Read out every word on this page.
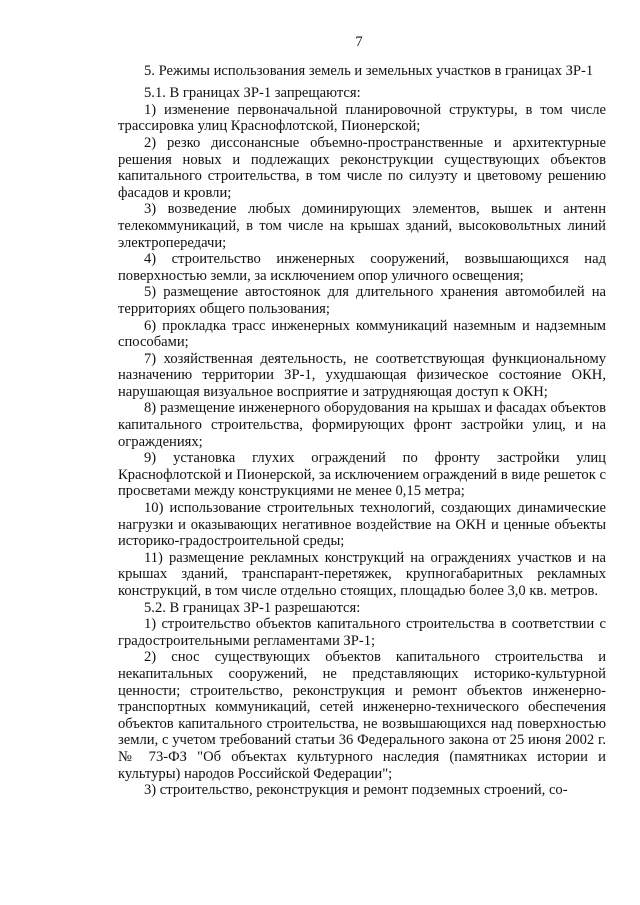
7

5. Режимы использования земель и земельных участков в границах ЗР-1

5.1. В границах ЗР-1 запрещаются:

1) изменение первоначальной планировочной структуры, в том числе трассировка улиц Краснофлотской, Пионерской;

2) резко диссонансные объемно-пространственные и архитектурные решения новых и подлежащих реконструкции существующих объектов капитального строительства, в том числе по силуэту и цветовому решению фасадов и кровли;

3) возведение любых доминирующих элементов, вышек и антенн телекоммуникаций, в том числе на крышах зданий, высоковольтных линий электропередачи;

4) строительство инженерных сооружений, возвышающихся над поверхностью земли, за исключением опор уличного освещения;

5) размещение автостоянок для длительного хранения автомобилей на территориях общего пользования;

6) прокладка трасс инженерных коммуникаций наземным и надземным способами;

7) хозяйственная деятельность, не соответствующая функциональному назначению территории ЗР-1, ухудшающая физическое состояние ОКН, нарушающая визуальное восприятие и затрудняющая доступ к ОКН;

8) размещение инженерного оборудования на крышах и фасадах объектов капитального строительства, формирующих фронт застройки улиц, и на ограждениях;

9) установка глухих ограждений по фронту застройки улиц Краснофлотской и Пионерской, за исключением ограждений в виде решеток с просветами между конструкциями не менее 0,15 метра;

10) использование строительных технологий, создающих динамические нагрузки и оказывающих негативное воздействие на ОКН и ценные объекты историко-градостроительной среды;

11) размещение рекламных конструкций на ограждениях участков и на крышах зданий, транспарант-перетяжек, крупногабаритных рекламных конструкций, в том числе отдельно стоящих, площадью более 3,0 кв. метров.

5.2. В границах ЗР-1 разрешаются:

1) строительство объектов капитального строительства в соответствии с градостроительными регламентами ЗР-1;

2) снос существующих объектов капитального строительства и некапитальных сооружений, не представляющих историко-культурной ценности; строительство, реконструкция и ремонт объектов инженерно-транспортных коммуникаций, сетей инженерно-технического обеспечения объектов капитального строительства, не возвышающихся над поверхностью земли, с учетом требований статьи 36 Федерального закона от 25 июня 2002 г. № 73-ФЗ "Об объектах культурного наследия (памятниках истории и культуры) народов Российской Федерации";

3) строительство, реконструкция и ремонт подземных строений, со-
